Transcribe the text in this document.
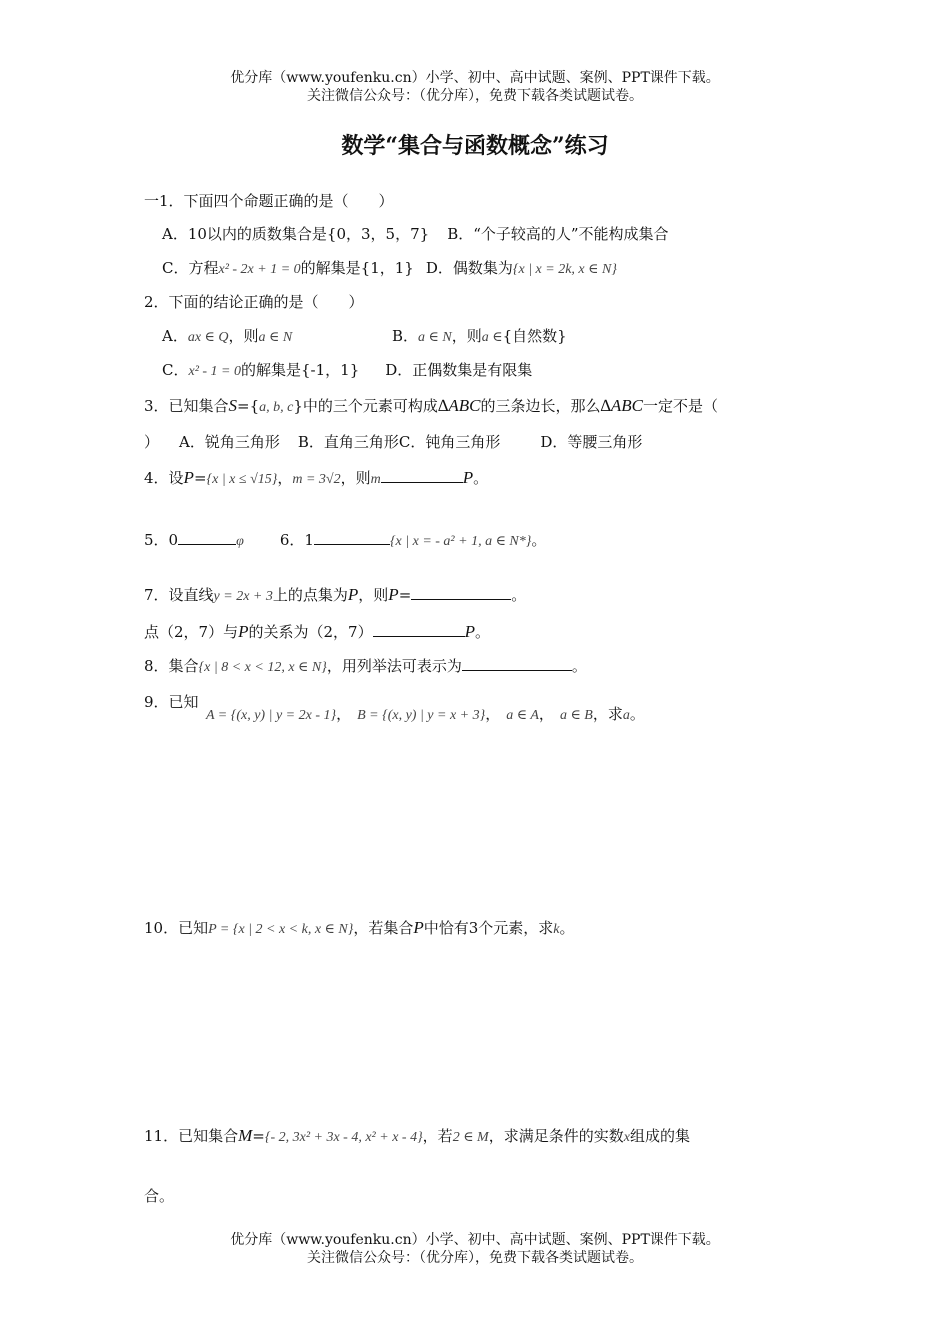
优分库（www.youfenku.cn）小学、初中、高中试题、案例、PPT课件下载。
关注微信公众号：（优分库），免费下载各类试题试卷。
数学“集合与函数概念”练习
一1．下面四个命题正确的是（　　）
A．10以内的质数集合是{0，3，5，7} B．“个子较高的人”不能构成集合
C．方程x² - 2x + 1 = 0的解集是{1，1} D．偶数集为{x | x = 2k, x ∈ N}
2．下面的结论正确的是（　　）
A．ax ∈ Q，则a ∈ N	B．a ∈ N，则a ∈{自然数}
C．x² - 1 = 0的解集是{-1，1} D．正偶数集是有限集
3．已知集合S={a, b, c}中的三个元素可构成∆ABC的三条边长，那么∆ABC一定不是（
） A．锐角三角形 B．直角三角形C．钝角三角形	D．等腰三角形
4．设P={x | x ≤ √15}，m = 3√2，则m	P。
5．0	φ 6．1	{x | x = - a² + 1, a ∈ N*}。
7．设直线y = 2x + 3上的点集为P，则P=	。
点（2，7）与P的关系为（2，7）	P。
8．集合{x | 8 < x < 12, x ∈ N}，用列举法可表示为	。
9．已知
A = {(x, y) | y = 2x - 1}， B = {(x, y) | y = x + 3}， a ∈ A， a ∈ B，求a。
10．已知P = {x | 2 < x < k, x ∈ N}，若集合P中恰有3个元素，求k。
11．已知集合M={- 2, 3x² + 3x - 4, x² + x - 4}，若2 ∈ M，求满足条件的实数x组成的集
合。
优分库（www.youfenku.cn）小学、初中、高中试题、案例、PPT课件下载。
关注微信公众号：（优分库），免费下载各类试题试卷。
